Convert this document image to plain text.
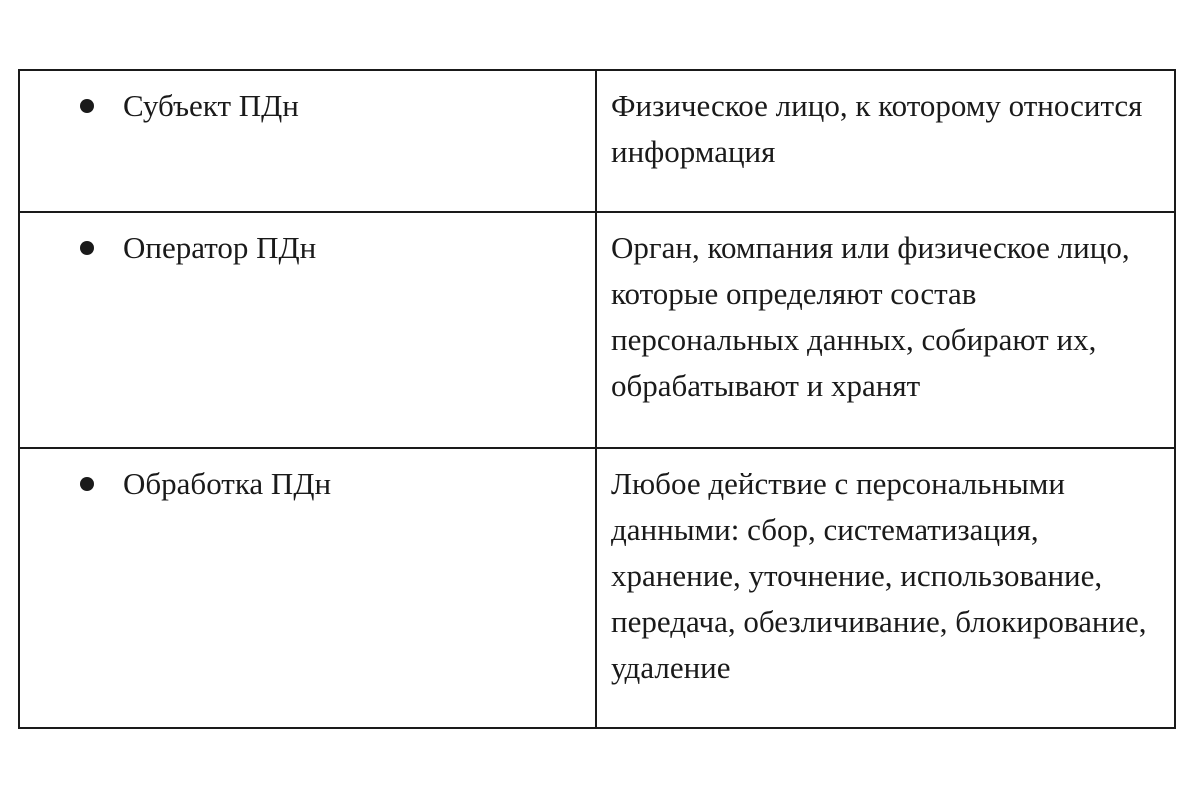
Субъект ПДн	Физическое лицо, к которому относится информация

Оператор ПДн	Орган, компания или физическое лицо, которые определяют состав персональных данных, собирают их, обрабатывают и хранят

Обработка ПДн	Любое действие с персональными данными: сбор, систематизация, хранение, уточнение, использование, передача, обезличивание, блокирование, удаление
